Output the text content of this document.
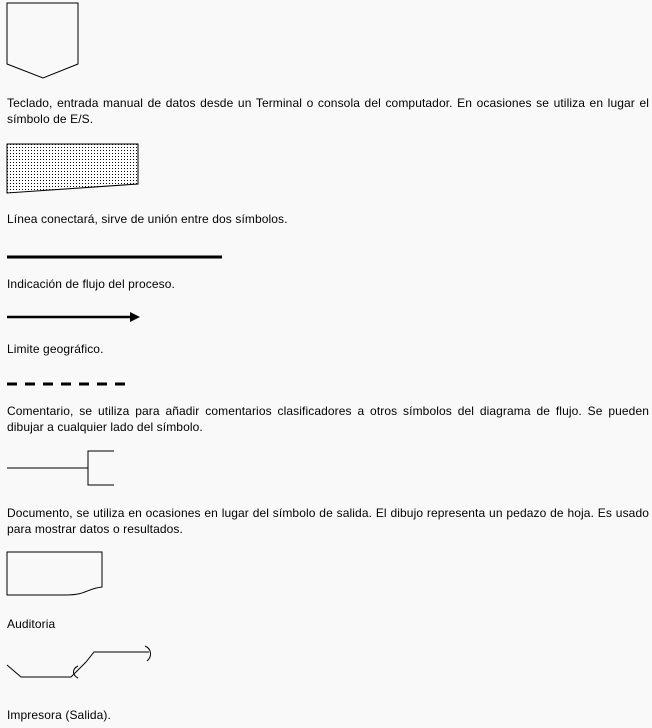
Teclado, entrada manual de datos desde un Terminal o consola del computador. En ocasiones se utiliza en lugar el símbolo de E/S.
Línea conectará, sirve de unión entre dos símbolos.
Indicación de flujo del proceso.
Limite geográfico.
Comentario, se utiliza para añadir comentarios clasificadores a otros símbolos del diagrama de flujo. Se pueden dibujar a cualquier lado del símbolo.
Documento, se utiliza en ocasiones en lugar del símbolo de salida. El dibujo representa un pedazo de hoja. Es usado para mostrar datos o resultados.
Auditoria
Impresora (Salida).
